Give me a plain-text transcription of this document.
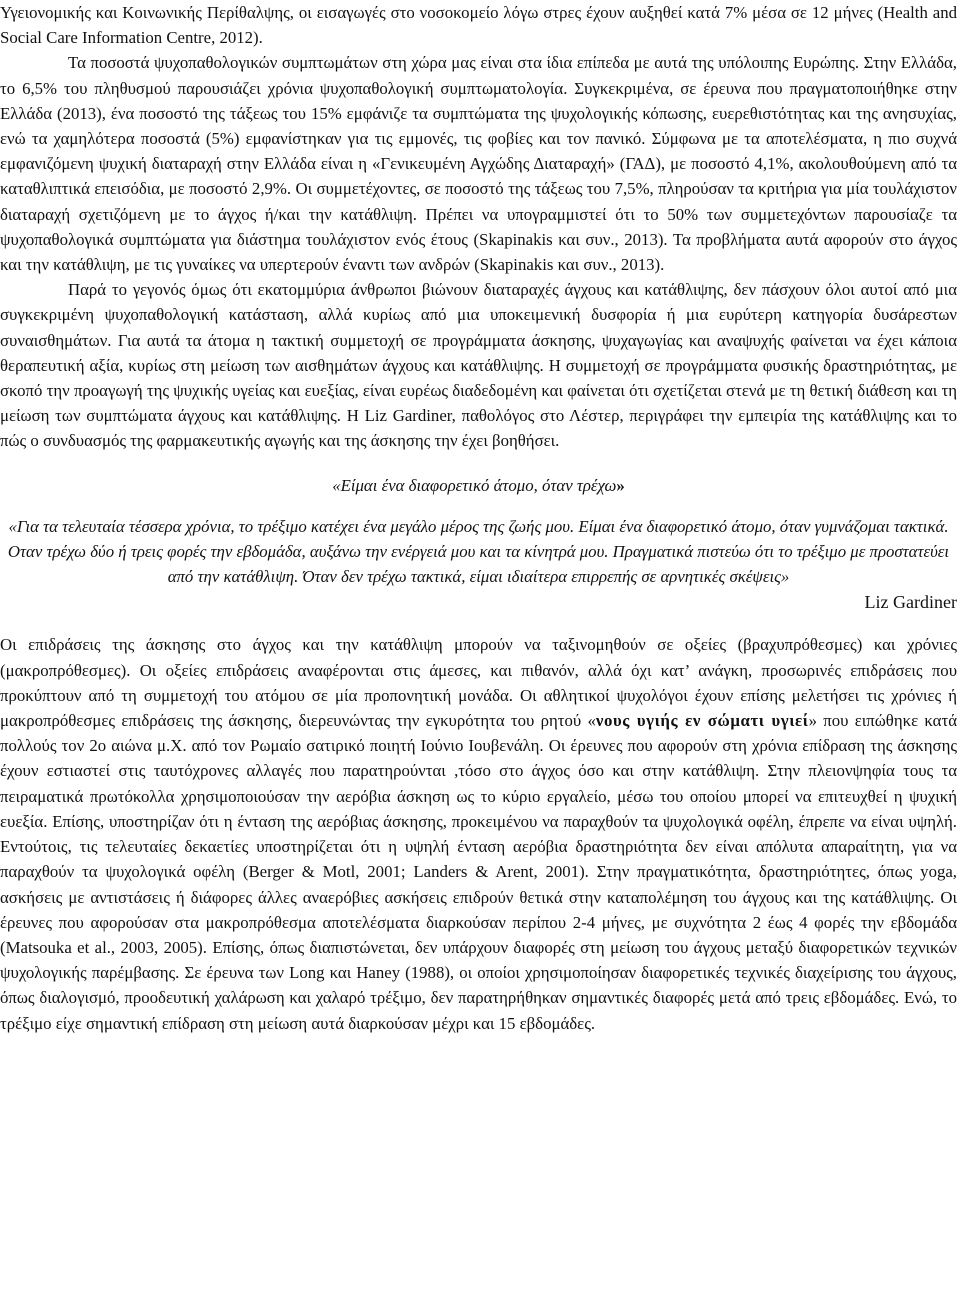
Υγειονομικής και Κοινωνικής Περίθαλψης, οι εισαγωγές στο νοσοκομείο λόγω στρες έχουν αυξηθεί κατά 7% μέσα σε 12 μήνες (Health and Social Care Information Centre, 2012).

Τα ποσοστά ψυχοπαθολογικών συμπτωμάτων στη χώρα μας είναι στα ίδια επίπεδα με αυτά της υπόλοιπης Ευρώπης. Στην Ελλάδα, το 6,5% του πληθυσμού παρουσιάζει χρόνια ψυχοπαθολογική συμπτωματολογία. Συγκεκριμένα, σε έρευνα που πραγματοποιήθηκε στην Ελλάδα (2013), ένα ποσοστό της τάξεως του 15% εμφάνιζε τα συμπτώματα της ψυχολογικής κόπωσης, ευερεθιστότητας και της ανησυχίας, ενώ τα χαμηλότερα ποσοστά (5%) εμφανίστηκαν για τις εμμονές, τις φοβίες και τον πανικό. Σύμφωνα με τα αποτελέσματα, η πιο συχνά εμφανιζόμενη ψυχική διαταραχή στην Ελλάδα είναι η «Γενικευμένη Αγχώδης Διαταραχή» (ΓΑΔ), με ποσοστό 4,1%, ακολουθούμενη από τα καταθλιπτικά επεισόδια, με ποσοστό 2,9%. Οι συμμετέχοντες, σε ποσοστό της τάξεως του 7,5%, πληρούσαν τα κριτήρια για μία τουλάχιστον διαταραχή σχετιζόμενη με το άγχος ή/και την κατάθλιψη. Πρέπει να υπογραμμιστεί ότι το 50% των συμμετεχόντων παρουσίαζε τα ψυχοπαθολογικά συμπτώματα για διάστημα τουλάχιστον ενός έτους (Skapinakis και συν., 2013). Τα προβλήματα αυτά αφορούν στο άγχος και την κατάθλιψη, με τις γυναίκες να υπερτερούν έναντι των ανδρών (Skapinakis και συν., 2013).

Παρά το γεγονός όμως ότι εκατομμύρια άνθρωποι βιώνουν διαταραχές άγχους και κατάθλιψης, δεν πάσχουν όλοι αυτοί από μια συγκεκριμένη ψυχοπαθολογική κατάσταση, αλλά κυρίως από μια υποκειμενική δυσφορία ή μια ευρύτερη κατηγορία δυσάρεστων συναισθημάτων. Για αυτά τα άτομα η τακτική συμμετοχή σε προγράμματα άσκησης, ψυχαγωγίας και αναψυχής φαίνεται να έχει κάποια θεραπευτική αξία, κυρίως στη μείωση των αισθημάτων άγχους και κατάθλιψης. Η συμμετοχή σε προγράμματα φυσικής δραστηριότητας, με σκοπό την προαγωγή της ψυχικής υγείας και ευεξίας, είναι ευρέως διαδεδομένη και φαίνεται ότι σχετίζεται στενά με τη θετική διάθεση και τη μείωση των συμπτώματα άγχους και κατάθλιψης. Η Liz Gardiner, παθολόγος στο Λέστερ, περιγράφει την εμπειρία της κατάθλιψης και το πώς ο συνδυασμός της φαρμακευτικής αγωγής και της άσκησης την έχει βοηθήσει.

«Είμαι ένα διαφορετικό άτομο, όταν τρέχω»

«Για τα τελευταία τέσσερα χρόνια, το τρέξιμο κατέχει ένα μεγάλο μέρος της ζωής μου. Είμαι ένα διαφορετικό άτομο, όταν γυμνάζομαι τακτικά. Οταν τρέχω δύο ή τρεις φορές την εβδομάδα, αυξάνω την ενέργειά μου και τα κίνητρά μου. Πραγματικά πιστεύω ότι το τρέξιμο με προστατεύει από την κατάθλιψη. Όταν δεν τρέχω τακτικά, είμαι ιδιαίτερα επιρρεπής σε αρνητικές σκέψεις»

Liz Gardiner

Οι επιδράσεις της άσκησης στο άγχος και την κατάθλιψη μπορούν να ταξινομηθούν σε οξείες (βραχυπρόθεσμες) και χρόνιες (μακροπρόθεσμες). Οι οξείες επιδράσεις αναφέρονται στις άμεσες, και πιθανόν, αλλά όχι κατ’ ανάγκη, προσωρινές επιδράσεις που προκύπτουν από τη συμμετοχή του ατόμου σε μία προπονητική μονάδα. Οι αθλητικοί ψυχολόγοι έχουν επίσης μελετήσει τις χρόνιες ή μακροπρόθεσμες επιδράσεις της άσκησης, διερευνώντας την εγκυρότητα του ρητού «νους υγιής εν σώματι υγιεί» που ειπώθηκε κατά πολλούς τον 2ο αιώνα μ.Χ. από τον Ρωμαίο σατιρικό ποιητή Ιούνιο Ιουβενάλη. Οι έρευνες που αφορούν στη χρόνια επίδραση της άσκησης έχουν εστιαστεί στις ταυτόχρονες αλλαγές που παρατηρούνται ,τόσο στο άγχος όσο και στην κατάθλιψη. Στην πλειονψηφία τους τα πειραματικά πρωτόκολλα χρησιμοποιούσαν την αερόβια άσκηση ως το κύριο εργαλείο, μέσω του οποίου μπορεί να επιτευχθεί η ψυχική ευεξία. Επίσης, υποστηρίζαν ότι η ένταση της αερόβιας άσκησης, προκειμένου να παραχθούν τα ψυχολογικά οφέλη, έπρεπε να είναι υψηλή. Εντούτοις, τις τελευταίες δεκαετίες υποστηρίζεται ότι η υψηλή ένταση αερόβια δραστηριότητα δεν είναι απόλυτα απαραίτητη, για να παραχθούν τα ψυχολογικά οφέλη (Berger & Motl, 2001; Landers & Arent, 2001). Στην πραγματικότητα, δραστηριότητες, όπως yoga, ασκήσεις με αντιστάσεις ή διάφορες άλλες αναερόβιες ασκήσεις επιδρούν θετικά στην καταπολέμηση του άγχους και της κατάθλιψης. Οι έρευνες που αφορούσαν στα μακροπρόθεσμα αποτελέσματα διαρκούσαν περίπου 2-4 μήνες, με συχνότητα 2 έως 4 φορές την εβδομάδα (Matsouka et al., 2003, 2005). Επίσης, όπως διαπιστώνεται, δεν υπάρχουν διαφορές στη μείωση του άγχους μεταξύ διαφορετικών τεχνικών ψυχολογικής παρέμβασης. Σε έρευνα των Long και Haney (1988), οι οποίοι χρησιμοποίησαν διαφορετικές τεχνικές διαχείρισης του άγχους, όπως διαλογισμό, προοδευτική χαλάρωση και χαλαρό τρέξιμο, δεν παρατηρήθηκαν σημαντικές διαφορές μετά από τρεις εβδομάδες. Ενώ, το τρέξιμο είχε σημαντική επίδραση στη μείωση αυτά διαρκούσαν μέχρι και 15 εβδομάδες.
